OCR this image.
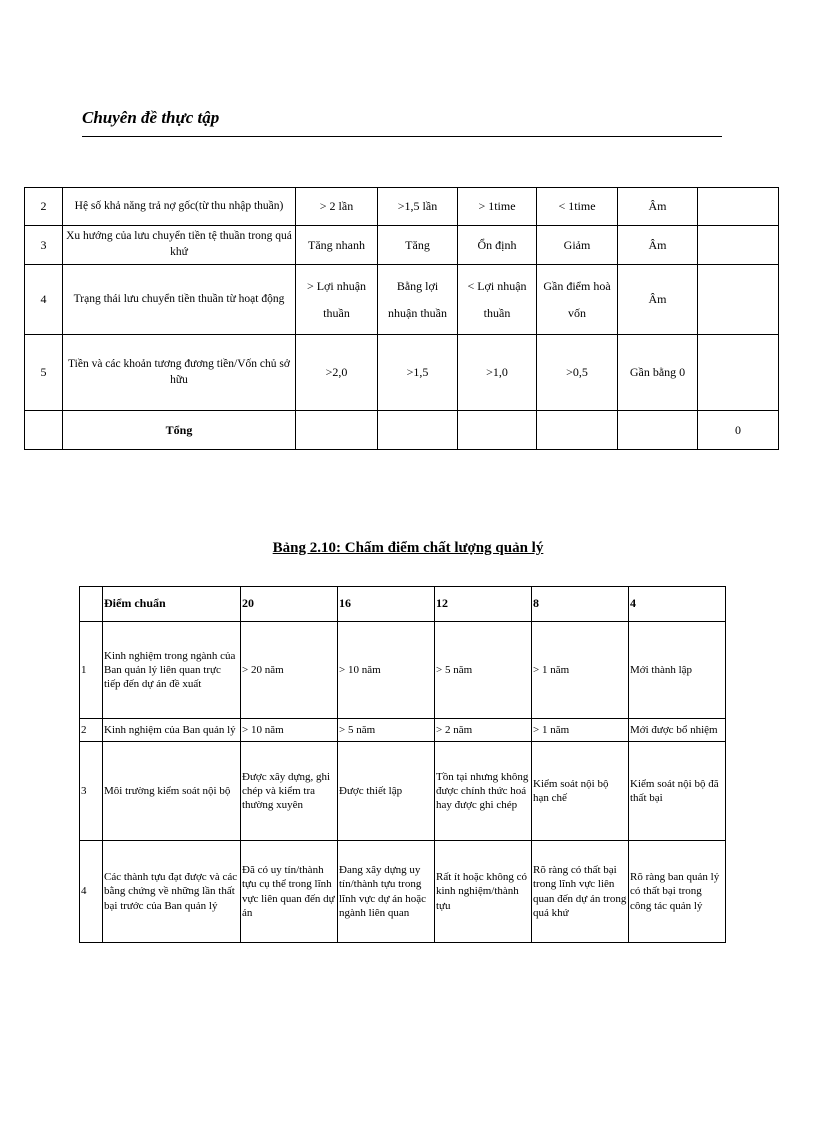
Chuyên đề thực tập
2	Hệ số khả năng trả nợ gốc(từ thu nhập thuần)	> 2 lần	>1,5 lần	> 1time	< 1time	Âm	
3	Xu hướng của lưu chuyển tiền tệ thuần trong quá khứ	Tăng nhanh	Tăng	Ổn định	Giảm	Âm	
4	Trạng thái lưu chuyển tiền thuần từ hoạt động	> Lợi nhuận thuần	Bằng lợi nhuận thuần	< Lợi nhuận thuần	Gần điểm hoà vốn	Âm	
5	Tiền và các khoản tương đương tiền/Vốn chủ sở hữu	>2,0	>1,5	>1,0	>0,5	Gần bằng 0	
	Tổng						0
Bảng 2.10: Chấm điểm chất lượng quản lý
	Điểm chuẩn	20	16	12	8	4
1	Kinh nghiệm trong ngành của Ban quản lý liên quan trực tiếp đến dự án đề xuất	> 20 năm	> 10 năm	> 5 năm	> 1 năm	Mới thành lập
2	Kinh nghiệm của Ban quản lý	> 10 năm	> 5 năm	> 2 năm	> 1 năm	Mới được bổ nhiệm
3	Môi trường kiểm soát nội bộ	Được xây dựng, ghi chép và kiểm tra thường xuyên	Được thiết lập	Tồn tại nhưng không được chính thức hoá hay được ghi chép	Kiểm soát nội bộ hạn chế	Kiểm soát nội bộ đã thất bại
4	Các thành tựu đạt được và các bằng chứng về những lần thất bại trước của Ban quản lý	Đã có uy tín/thành tựu cụ thể trong lĩnh vực liên quan đến dự án	Đang xây dựng uy tín/thành tựu trong lĩnh vực dự án hoặc ngành liên quan	Rất ít hoặc không có kinh nghiệm/thành tựu	Rõ ràng có thất bại trong lĩnh vực liên quan đến dự án trong quá khứ	Rõ ràng ban quản lý có thất bại trong công tác quản lý
